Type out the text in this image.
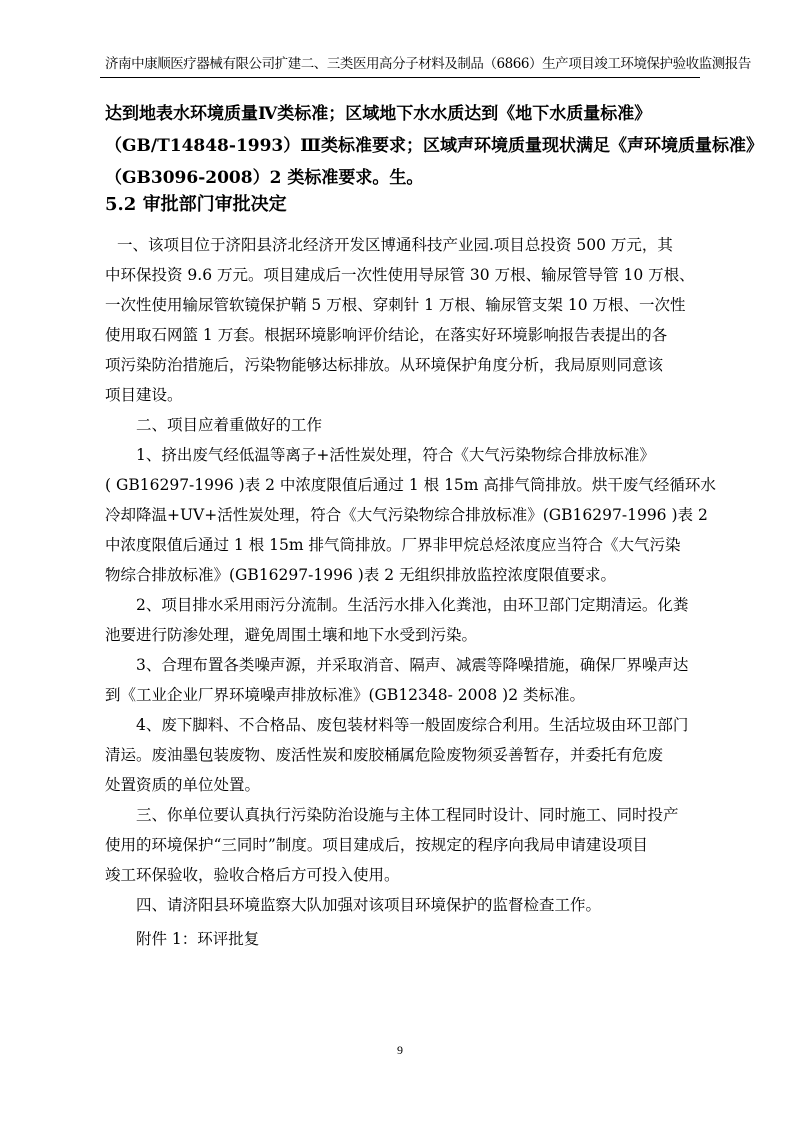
济南中康顺医疗器械有限公司扩建二、三类医用高分子材料及制品（6866）生产项目竣工环境保护验收监测报告

达到地表水环境质量Ⅳ类标准；区域地下水水质达到《地下水质量标准》

（GB/T14848-1993）Ⅲ类标准要求；区域声环境质量现状满足《声环境质量标准》

（GB3096-2008）2 类标准要求。生。

5.2 审批部门审批决定

一、该项目位于济阳县济北经济开发区博通科技产业园.项目总投资 500 万元，其

中环保投资 9.6 万元。项目建成后一次性使用导尿管 30 万根、输尿管导管 10 万根、

一次性使用输尿管软镜保护鞘 5 万根、穿刺针 1 万根、输尿管支架 10 万根、一次性

使用取石网篮 1 万套。根据环境影响评价结论，在落实好环境影响报告表提出的各

项污染防治措施后，污染物能够达标排放。从环境保护角度分析，我局原则同意该

项目建设。

二、项目应着重做好的工作

1、挤出废气经低温等离子+活性炭处理，符合《大气污染物综合排放标准》

( GB16297-1996 )表 2 中浓度限值后通过 1 根 15m 高排气筒排放。烘干废气经循环水

冷却降温+UV+活性炭处理，符合《大气污染物综合排放标准》(GB16297-1996 )表 2

中浓度限值后通过 1 根 15m 排气筒排放。厂界非甲烷总烃浓度应当符合《大气污染

物综合排放标准》(GB16297-1996 )表 2 无组织排放监控浓度限值要求。

2、项目排水采用雨污分流制。生活污水排入化粪池，由环卫部门定期清运。化粪

池要进行防渗处理，避免周围土壤和地下水受到污染。

3、合理布置各类噪声源，并采取消音、隔声、减震等降噪措施，确保厂界噪声达

到《工业企业厂界环境噪声排放标准》(GB12348- 2008 )2 类标准。

4、废下脚料、不合格品、废包装材料等一般固废综合利用。生活垃圾由环卫部门

清运。废油墨包装废物、废活性炭和废胶桶属危险废物须妥善暂存，并委托有危废

处置资质的单位处置。

三、你单位要认真执行污染防治设施与主体工程同时设计、同时施工、同时投产

使用的环境保护“三同时”制度。项目建成后，按规定的程序向我局申请建设项目

竣工环保验收，验收合格后方可投入使用。

四、请济阳县环境监察大队加强对该项目环境保护的监督检查工作。

附件 1：环评批复

9
